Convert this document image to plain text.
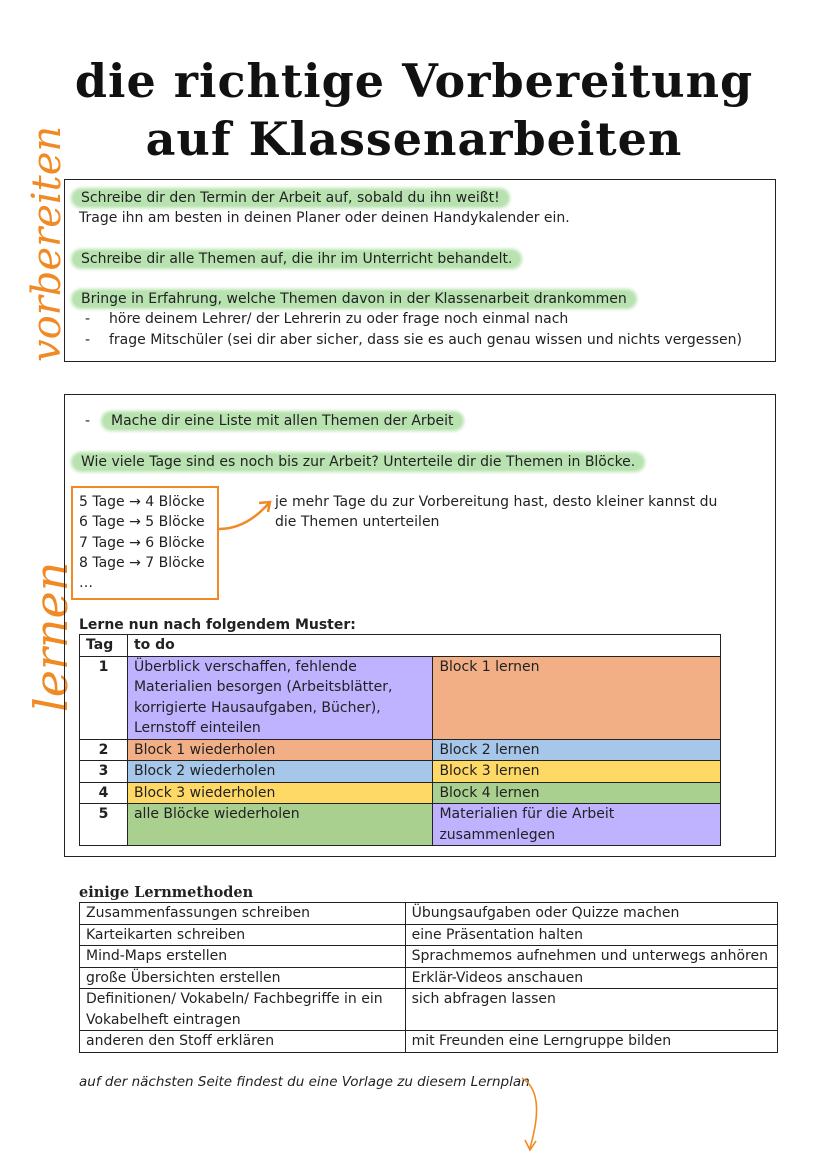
die richtige Vorbereitung
auf Klassenarbeiten
vorbereiten Schreibe dir den Termin der Arbeit auf, sobald du ihn weißt!
Trage ihn am besten in deinen Planer oder deinen Handykalender ein.
Schreibe dir alle Themen auf, die ihr im Unterricht behandelt.
Bringe in Erfahrung, welche Themen davon in der Klassenarbeit drankommen
- höre deinem Lehrer/ der Lehrerin zu oder frage noch einmal nach
- frage Mitschüler (sei dir aber sicher, dass sie es auch genau wissen und nichts vergessen)
lernen
- Mache dir eine Liste mit allen Themen der Arbeit
Wie viele Tage sind es noch bis zur Arbeit? Unterteile dir die Themen in Blöcke.
5 Tage → 4 Blöcke
6 Tage → 5 Blöcke
7 Tage → 6 Blöcke
8 Tage → 7 Blöcke
…
je mehr Tage du zur Vorbereitung hast, desto kleiner kannst du
die Themen unterteilen
Lerne nun nach folgendem Muster:
Tag	to do	
1	Überblick verschaffen, fehlende Materialien besorgen (Arbeitsblätter, korrigierte Hausaufgaben, Bücher), Lernstoff einteilen	Block 1 lernen
2	Block 1 wiederholen	Block 2 lernen
3	Block 2 wiederholen	Block 3 lernen
4	Block 3 wiederholen	Block 4 lernen
5	alle Blöcke wiederholen	Materialien für die Arbeit zusammenlegen
einige Lernmethoden
Zusammenfassungen schreiben	Übungsaufgaben oder Quizze machen
Karteikarten schreiben	eine Präsentation halten
Mind-Maps erstellen	Sprachmemos aufnehmen und unterwegs anhören
große Übersichten erstellen	Erklär-Videos anschauen
Definitionen/ Vokabeln/ Fachbegriffe in ein Vokabelheft eintragen	sich abfragen lassen
anderen den Stoff erklären	mit Freunden eine Lerngruppe bilden
auf der nächsten Seite findest du eine Vorlage zu diesem Lernplan
